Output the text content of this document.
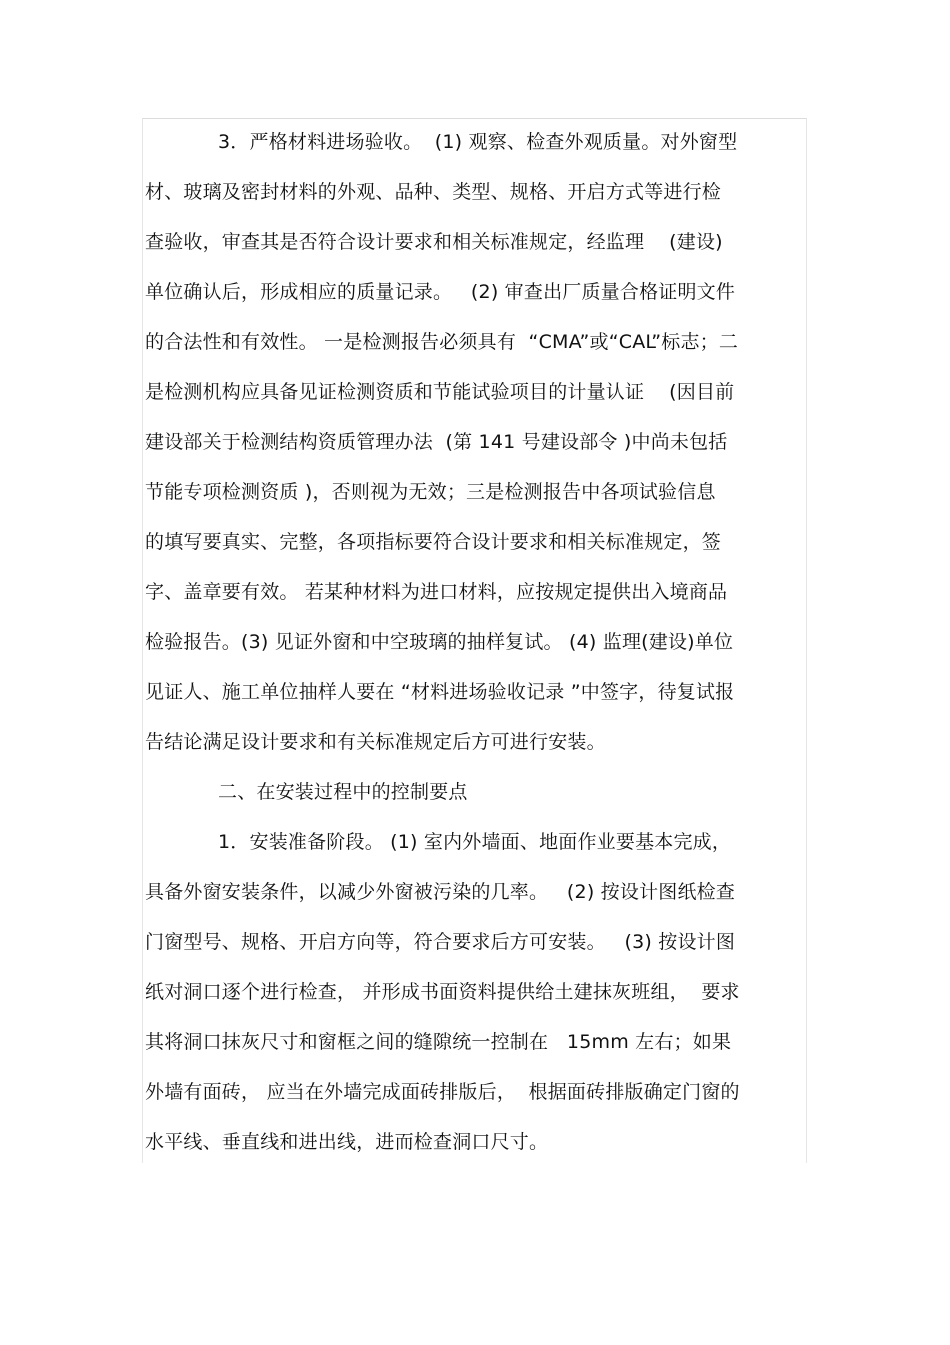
3．严格材料进场验收。  (1) 观察、检查外观质量。对外窗型
材、玻璃及密封材料的外观、品种、类型、规格、开启方式等进行检
查验收，审查其是否符合设计要求和相关标准规定，经监理    (建设)
单位确认后，形成相应的质量记录。   (2) 审查出厂质量合格证明文件
的合法性和有效性。 一是检测报告必须具有  “CMA”或“CAL”标志；二
是检测机构应具备见证检测资质和节能试验项目的计量认证    (因目前
建设部关于检测结构资质管理办法  (第 141 号建设部令 )中尚未包括
节能专项检测资质 )，否则视为无效；三是检测报告中各项试验信息
的填写要真实、完整，各项指标要符合设计要求和相关标准规定，签
字、盖章要有效。 若某种材料为进口材料，应按规定提供出入境商品
检验报告。(3) 见证外窗和中空玻璃的抽样复试。 (4) 监理(建设)单位
见证人、施工单位抽样人要在 “材料进场验收记录 ”中签字，待复试报
告结论满足设计要求和有关标准规定后方可进行安装。
二、在安装过程中的控制要点
1．安装准备阶段。 (1) 室内外墙面、地面作业要基本完成，
具备外窗安装条件，以减少外窗被污染的几率。   (2) 按设计图纸检查
门窗型号、规格、开启方向等，符合要求后方可安装。   (3) 按设计图
纸对洞口逐个进行检查， 并形成书面资料提供给土建抹灰班组，  要求
其将洞口抹灰尺寸和窗框之间的缝隙统一控制在   15mm 左右；如果
外墙有面砖， 应当在外墙完成面砖排版后，  根据面砖排版确定门窗的
水平线、垂直线和进出线，进而检查洞口尺寸。
